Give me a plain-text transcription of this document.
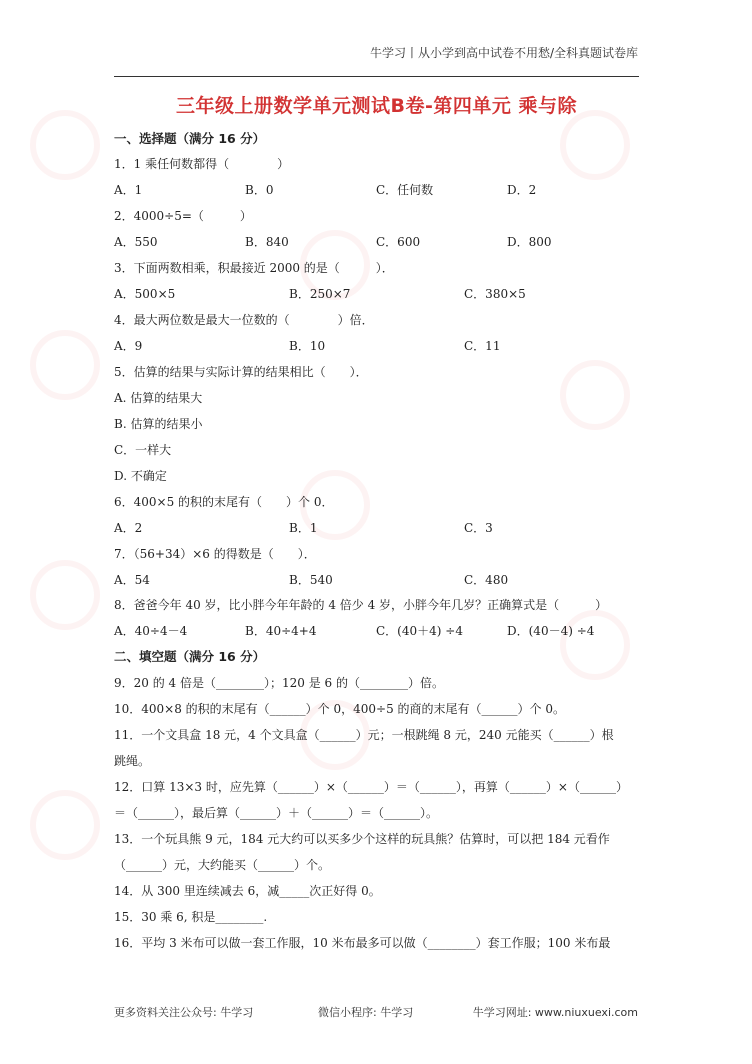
牛学习丨从小学到高中试卷不用愁/全科真题试卷库
三年级上册数学单元测试B卷-第四单元 乘与除
一、选择题（满分 16 分）
1．1 乘任何数都得（　　　　）
A．1	B．0	C．任何数	D．2
2．4000÷5=（　　　）
A．550	B．840	C．600	D．800
3．下面两数相乘，积最接近 2000 的是（　　　）．
A．500×5	B．250×7	C．380×5
4．最大两位数是最大一位数的（　　　　）倍．
A．9	B．10	C．11
5．估算的结果与实际计算的结果相比（　　）．
A. 估算的结果大
B. 估算的结果小
C．一样大
D. 不确定
6．400×5 的积的末尾有（　　）个 0．
A．2	B．1	C．3
7．（56+34）×6 的得数是（　　）．
A．54	B．540	C．480
8．爸爸今年 40 岁，比小胖今年年龄的 4 倍少 4 岁，小胖今年几岁？正确算式是（　　　）
A．40÷4－4	B．40÷4+4	C．(40＋4) ÷4	D．(40－4) ÷4
二、填空题（满分 16 分）
9．20 的 4 倍是（________）；120 是 6 的（________）倍。
10．400×8 的积的末尾有（______）个 0，400÷5 的商的末尾有（______）个 0。
11．一个文具盒 18 元，4 个文具盒（______）元；一根跳绳 8 元，240 元能买（______）根
跳绳。
12．口算 13×3 时，应先算（______）×（______）＝（______），再算（______）×（______）
＝（______），最后算（______）＋（______）＝（______）。
13．一个玩具熊 9 元，184 元大约可以买多少个这样的玩具熊？估算时，可以把 184 元看作
（______）元，大约能买（______）个。
14．从 300 里连续减去 6，减_____次正好得 0。
15．30 乘 6, 积是________.
16．平均 3 米布可以做一套工作服，10 米布最多可以做（________）套工作服；100 米布最
更多资料关注公众号: 牛学习	微信小程序: 牛学习	牛学习网址: www.niuxuexi.com
